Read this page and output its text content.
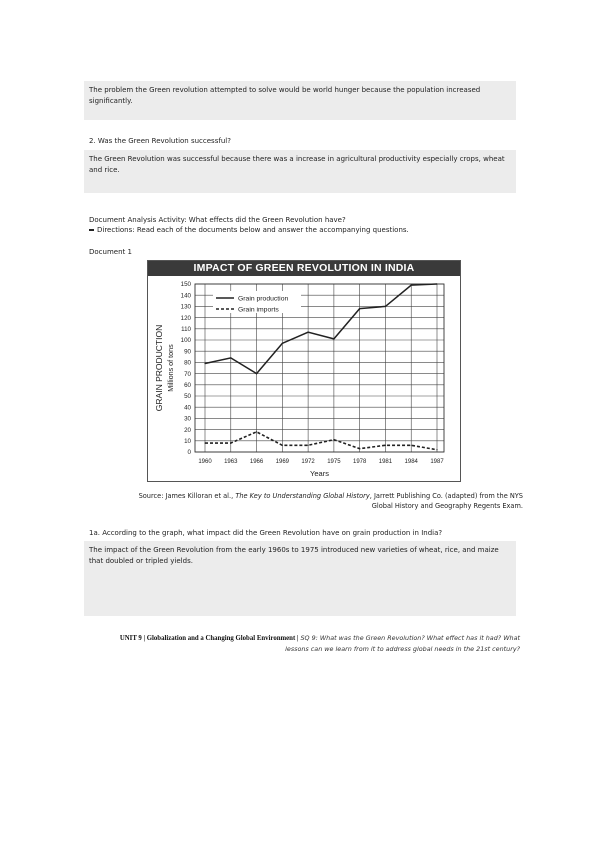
The problem the Green revolution attempted to solve would be world hunger because the population increased significantly.
2. Was the Green Revolution successful?
The Green Revolution was successful because there was a increase in agricultural productivity especially crops, wheat and rice.
Document Analysis Activity: What effects did the Green Revolution have?
Directions: Read each of the documents below and answer the accompanying questions.
Document 1
IMPACT OF GREEN REVOLUTION IN INDIA
0
10
20
30
40
50
60
70
80
90
100
110
120
130
140
150
1960 1963 1966 1969 1972 1975 1978 1981 1984 1987
Grain production
Grain imports
GRAIN PRODUCTION Millions of tons
Years
Source: James Killoran et al., The Key to Understanding Global History, Jarrett Publishing Co. (adapted) from the NYS
Global History and Geography Regents Exam.
1a. According to the graph, what impact did the Green Revolution have on grain production in India?
The impact of the Green Revolution from the early 1960s to 1975 introduced new varieties of wheat, rice, and maize that doubled or tripled yields.
UNIT 9 | Globalization and a Changing Global Environment | SQ 9: What was the Green Revolution? What effect has it had? What
lessons can we learn from it to address global needs in the 21st century?
